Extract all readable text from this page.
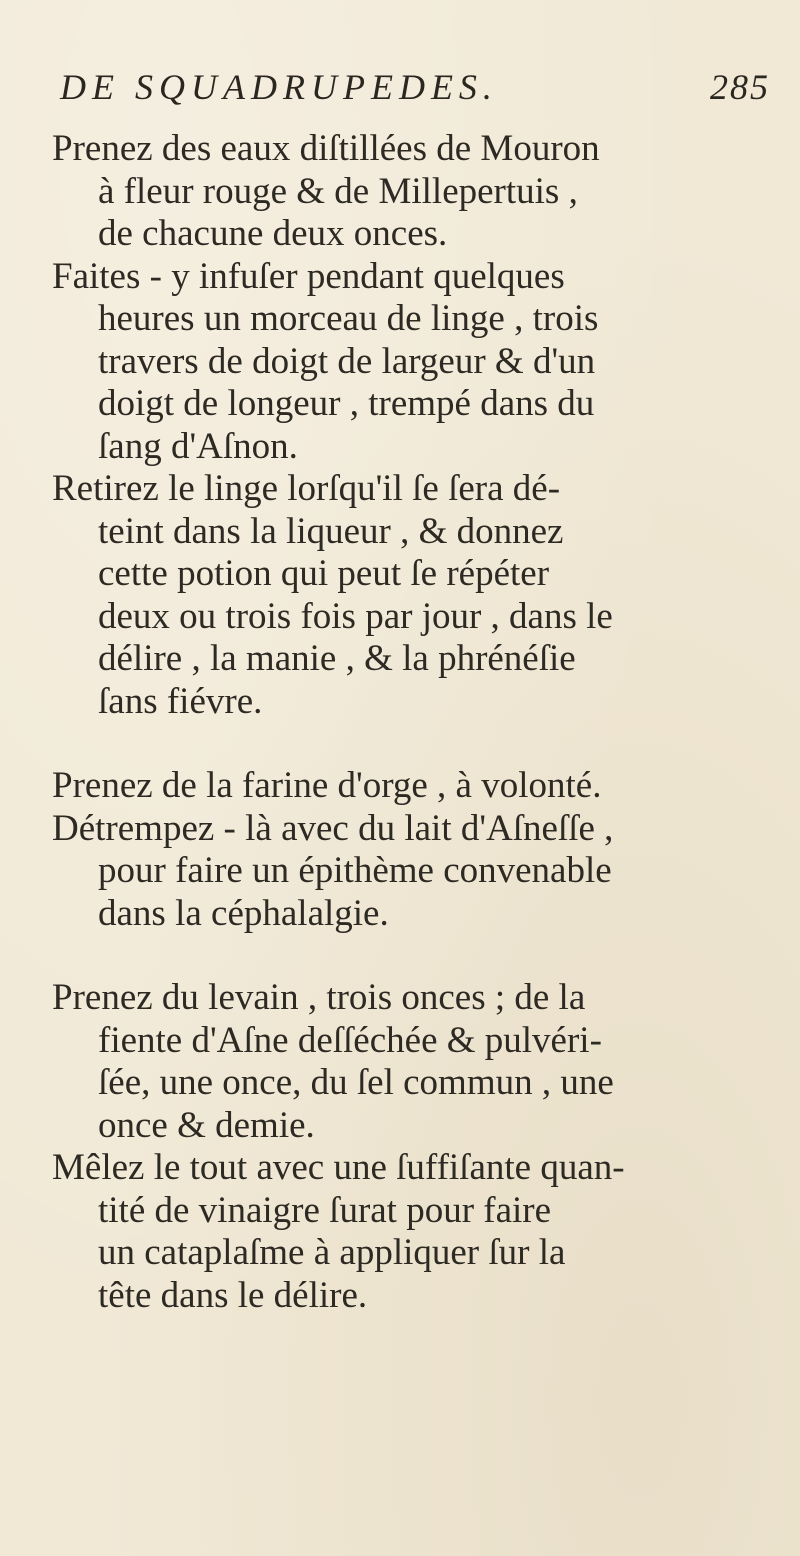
DE SQUADRUPEDES.	285

Prenez des eaux diſtillées de Mouron
à fleur rouge & de Millepertuis ,
de chacune deux onces.

Faites - y infuſer pendant quelques
heures un morceau de linge , trois
travers de doigt de largeur & d'un
doigt de longeur , trempé dans du
ſang d'Aſnon.

Retirez le linge lorſqu'il ſe ſera dé-
teint dans la liqueur , & donnez
cette potion qui peut ſe répéter
deux ou trois fois par jour , dans le
délire , la manie , & la phrénéſie
ſans fiévre.

Prenez de la farine d'orge , à volonté.
Détrempez - là avec du lait d'Aſneſſe ,
pour faire un épithème convenable
dans la céphalalgie.

Prenez du levain , trois onces ; de la
fiente d'Aſne deſſéchée & pulvéri-
ſée, une once, du ſel commun , une
once & demie.

Mêlez le tout avec une ſuffiſante quan-
tité de vinaigre ſurat pour faire
un cataplaſme à appliquer ſur la
tête dans le délire.
